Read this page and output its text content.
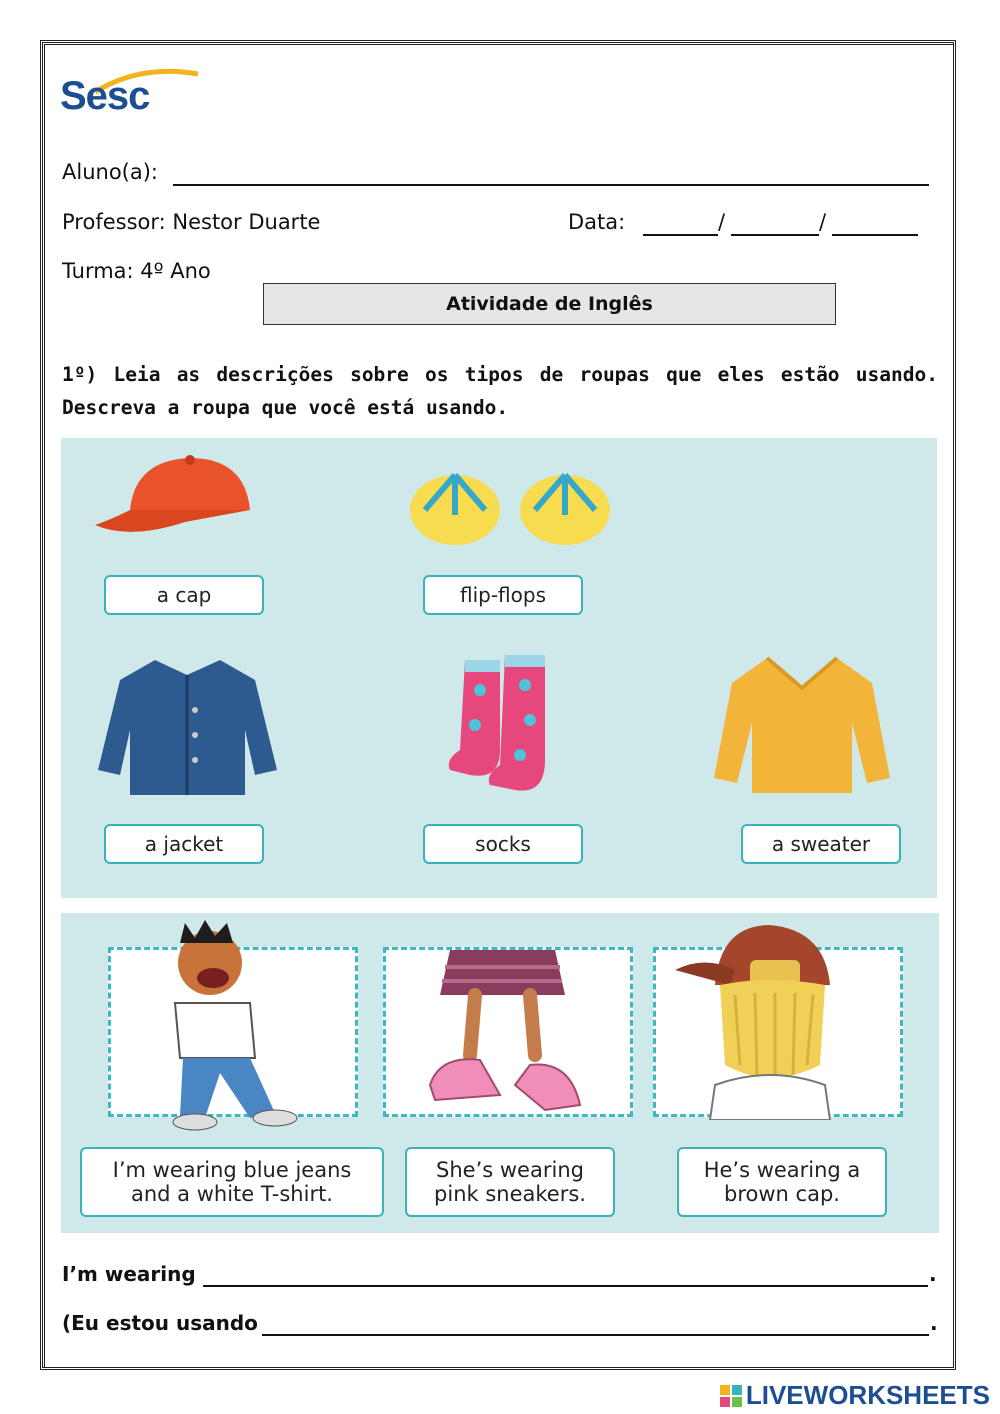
Sesc
Aluno(a):
Professor: Nestor Duarte	Data:	/	/
Turma: 4º Ano
Atividade de Inglês
1º) Leia as descrições sobre os tipos de roupas que eles estão usando. Descreva a roupa que você está usando.
a cap	flip-flops
a jacket	socks	a sweater
I’m wearing blue jeans
and a white T-shirt.
She’s wearing
pink sneakers.
He’s wearing a
brown cap.
I’m wearing	.
(Eu estou usando	.
LIVEWORKSHEETS
